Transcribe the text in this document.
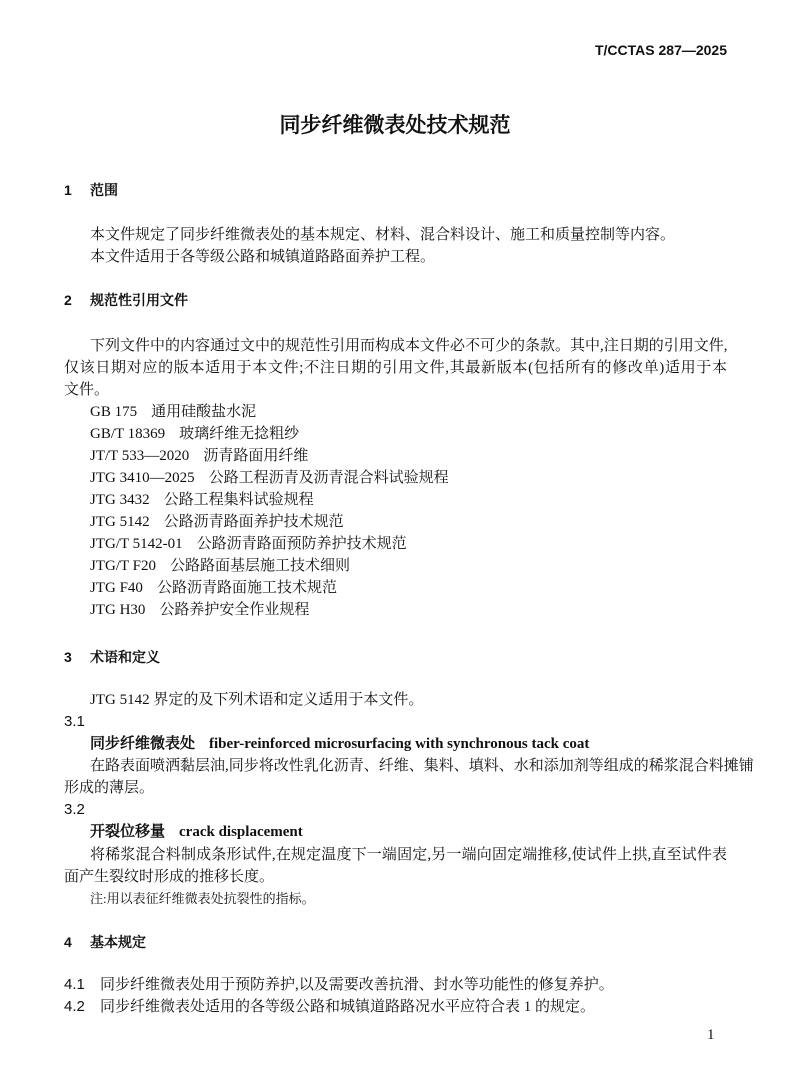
T/CCTAS 287—2025
同步纤维微表处技术规范
1 范围
本文件规定了同步纤维微表处的基本规定、材料、混合料设计、施工和质量控制等内容。
本文件适用于各等级公路和城镇道路路面养护工程。
2 规范性引用文件
下列文件中的内容通过文中的规范性引用而构成本文件必不可少的条款。其中,注日期的引用文件,
仅该日期对应的版本适用于本文件;不注日期的引用文件,其最新版本(包括所有的修改单)适用于本
文件。
GB 175 通用硅酸盐水泥
GB/T 18369 玻璃纤维无捻粗纱
JT/T 533—2020 沥青路面用纤维
JTG 3410—2025 公路工程沥青及沥青混合料试验规程
JTG 3432 公路工程集料试验规程
JTG 5142 公路沥青路面养护技术规范
JTG/T 5142-01 公路沥青路面预防养护技术规范
JTG/T F20 公路路面基层施工技术细则
JTG F40 公路沥青路面施工技术规范
JTG H30 公路养护安全作业规程
3 术语和定义
JTG 5142 界定的及下列术语和定义适用于本文件。
3.1
同步纤维微表处 fiber-reinforced microsurfacing with synchronous tack coat
在路表面喷洒黏层油,同步将改性乳化沥青、纤维、集料、填料、水和添加剂等组成的稀浆混合料摊铺
形成的薄层。
3.2
开裂位移量 crack displacement
将稀浆混合料制成条形试件,在规定温度下一端固定,另一端向固定端推移,使试件上拱,直至试件表
面产生裂纹时形成的推移长度。
注:用以表征纤维微表处抗裂性的指标。
4 基本规定
4.1 同步纤维微表处用于预防养护,以及需要改善抗滑、封水等功能性的修复养护。
4.2 同步纤维微表处适用的各等级公路和城镇道路路况水平应符合表 1 的规定。
1
